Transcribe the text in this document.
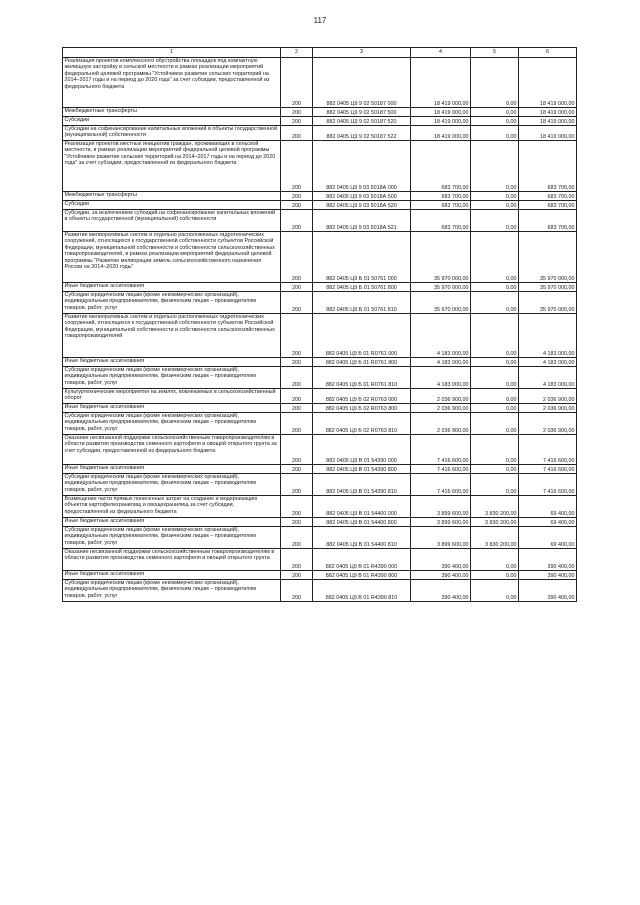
117
1	2	3	4	5	6
Реализация проектов комплексного обустройства площадок под компактную жилищную застройку в сельской местности в рамках реализации мероприятий федеральной целевой программы "Устойчивое развитие сельских территорий на 2014–2017 годы и на период до 2020 года" за счет субсидии, предоставленной из федерального бюджета	200	882 0405 Ц9 9 02 50187 000	18 419 000,00	0,00	18 419 000,00
Межбюджетные трансферты	200	882 0405 Ц9 9 02 50187 500	18 419 000,00	0,00	18 419 000,00
Субсидии	200	882 0405 Ц9 9 02 50187 520	18 419 000,00	0,00	18 419 000,00
Субсидии на софинансирование капитальных вложений в объекты государственной (муниципальной) собственности	200	882 0405 Ц9 9 02 50187 522	18 419 000,00	0,00	18 419 000,00
Реализация проектов местных инициатив граждан, проживающих в сельской местности, в рамках реализации мероприятий федеральной целевой программы "Устойчивое развитие сельских территорий на 2014–2017 годы и на период до 2020 года" за счет субсидии, предоставленной из федерального бюджета	200	882 0405 Ц9 9 03 5018А 000	683 700,00	0,00	683 700,00
Межбюджетные трансферты	200	882 0405 Ц9 9 03 5018А 500	683 700,00	0,00	683 700,00
Субсидии	200	882 0405 Ц9 9 03 5018А 520	683 700,00	0,00	683 700,00
Субсидии, за исключением субсидий на софинансирование капитальных вложений в объекты государственной (муниципальной) собственности	200	882 0405 Ц9 9 03 5018А 521	683 700,00	0,00	683 700,00
Развитие мелиоративных систем и отдельно расположенных гидротехнических сооружений, относящихся к государственной собственности субъектов Российской Федерации, муниципальной собственности и собственности сельскохозяйственных товаропроизводителей, в рамках реализации мероприятий федеральной целевой программы "Развитие мелиорации земель сельскохозяйственного назначения России на 2014–2020 годы"	200	882 0405 Ц9 Б 01 50761 000	35 970 000,00	0,00	35 970 000,00
Иные бюджетные ассигнования	200	882 0405 Ц9 Б 01 50761 800	35 970 000,00	0,00	35 970 000,00
Субсидии юридическим лицам (кроме некоммерческих организаций), индивидуальным предпринимателям, физическим лицам – производителям товаров, работ, услуг	200	882 0405 Ц9 Б 01 50761 810	35 970 000,00	0,00	35 970 000,00
Развитие мелиоративных систем и отдельно расположенных гидротехнических сооружений, относящихся к государственной собственности субъектов Российской Федерации, муниципальной собственности и собственности сельскохозяйственных товаропроизводителей	200	882 0405 Ц9 Б 01 R0761 000	4 183 000,00	0,00	4 183 000,00
Иные бюджетные ассигнования	200	882 0405 Ц9 Б 01 R0761 800	4 183 000,00	0,00	4 183 000,00
Субсидии юридическим лицам (кроме некоммерческих организаций), индивидуальным предпринимателям, физическим лицам – производителям товаров, работ, услуг	200	882 0405 Ц9 Б 01 R0761 810	4 183 000,00	0,00	4 183 000,00
Культуртехнические мероприятия на землях, вовлекаемых в сельскохозяйственный оборот	200	882 0405 Ц9 Б 02 R0763 000	2 036 900,00	0,00	2 036 900,00
Иные бюджетные ассигнования	200	882 0405 Ц9 Б 02 R0763 800	2 036 900,00	0,00	2 036 900,00
Субсидии юридическим лицам (кроме некоммерческих организаций), индивидуальным предпринимателям, физическим лицам – производителям товаров, работ, услуг	200	882 0405 Ц9 Б 02 R0763 810	2 036 900,00	0,00	2 036 900,00
Оказание несвязанной поддержки сельскохозяйственным товаропроизводителям в области развития производства семенного картофеля и овощей открытого грунта за счет субсидии, предоставленной из федерального бюджета	200	882 0405 Ц9 В 01 54390 000	7 416 600,00	0,00	7 416 600,00
Иные бюджетные ассигнования	200	882 0405 Ц9 В 01 54390 800	7 416 600,00	0,00	7 416 600,00
Субсидии юридическим лицам (кроме некоммерческих организаций), индивидуальным предпринимателям, физическим лицам – производителям товаров, работ, услуг	200	882 0405 Ц9 В 01 54390 810	7 416 600,00	0,00	7 416 600,00
Возмещение части прямых понесенных затрат на создание и модернизацию объектов картофелехранилищ и овощехранилищ за счет субсидии, предоставленной из федерального бюджета	200	882 0405 Ц9 В 01 54400 000	3 899 600,00	3 830 200,00	69 400,00
Иные бюджетные ассигнования	200	882 0405 Ц9 В 01 54400 800	3 899 600,00	3 830 200,00	69 400,00
Субсидии юридическим лицам (кроме некоммерческих организаций), индивидуальным предпринимателям, физическим лицам – производителям товаров, работ, услуг	200	882 0405 Ц9 В 01 54400 810	3 899 600,00	3 830 200,00	69 400,00
Оказание несвязанной поддержки сельскохозяйственным товаропроизводителям в области развития производства семенного картофеля и овощей открытого грунта	200	882 0405 Ц9 В 01 R4390 000	390 400,00	0,00	390 400,00
Иные бюджетные ассигнования	200	882 0405 Ц9 В 01 R4390 800	390 400,00	0,00	390 400,00
Субсидии юридическим лицам (кроме некоммерческих организаций), индивидуальным предпринимателям, физическим лицам – производителям товаров, работ, услуг	200	882 0405 Ц9 В 01 R4390 810	390 400,00	0,00	390 400,00
